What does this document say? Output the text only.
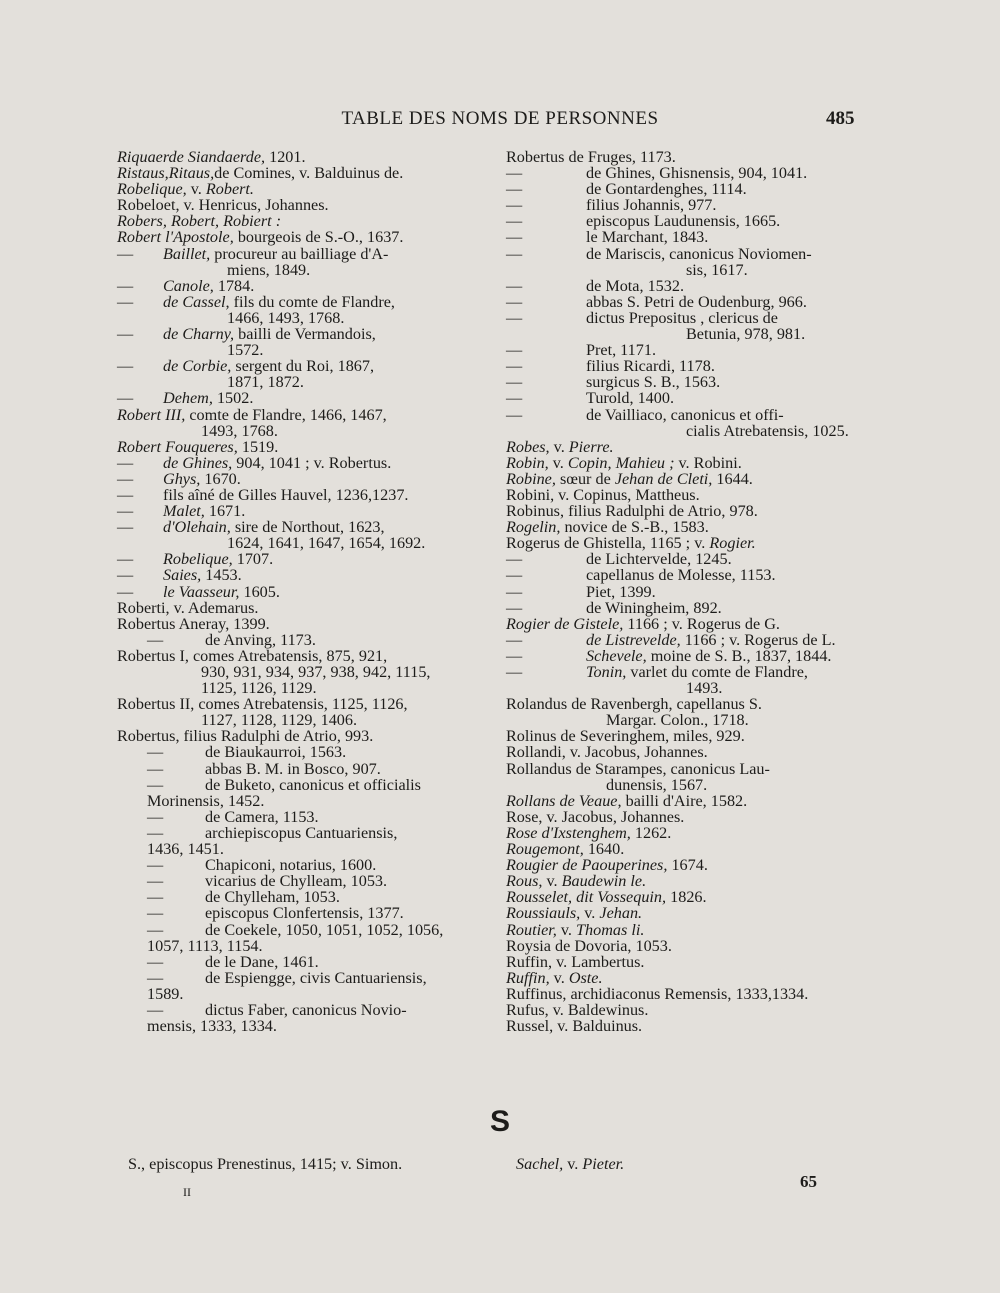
TABLE DES NOMS DE PERSONNES	485
Riquaerde Siandaerde, 1201.
Ristaus,Ritaus,de Comines, v. Balduinus de.
Robelique, v. Robert.
Robeloet, v. Henricus, Johannes.
Robers, Robert, Robiert :
Robert l'Apostole, bourgeois de S.-O., 1637.
— Baillet, procureur au bailliage d'A-
miens, 1849.
— Canole, 1784.
— de Cassel, fils du comte de Flandre,
1466, 1493, 1768.
— de Charny, bailli de Vermandois,
1572.
— de Corbie, sergent du Roi, 1867,
1871, 1872.
— Dehem, 1502.
Robert III, comte de Flandre, 1466, 1467,
1493, 1768.
Robert Fouqueres, 1519.
— de Ghines, 904, 1041 ; v. Robertus.
— Ghys, 1670.
— fils aîné de Gilles Hauvel, 1236,1237.
— Malet, 1671.
— d'Olehain, sire de Northout, 1623,
1624, 1641, 1647, 1654, 1692.
— Robelique, 1707.
— Saies, 1453.
— le Vaasseur, 1605.
Roberti, v. Ademarus.
Robertus Aneray, 1399.
—	de Anving, 1173.
Robertus I, comes Atrebatensis, 875, 921,
930, 931, 934, 937, 938, 942, 1115,
1125, 1126, 1129.
Robertus II, comes Atrebatensis, 1125, 1126,
1127, 1128, 1129, 1406.
Robertus, filius Radulphi de Atrio, 993.
—	de Biaukaurroi, 1563.
—	abbas B. M. in Bosco, 907.
—	de Buketo, canonicus et officialis
Morinensis, 1452.
—	de Camera, 1153.
—	archiepiscopus Cantuariensis,
1436, 1451.
—	Chapiconi, notarius, 1600.
—	vicarius de Chylleam, 1053.
—	de Chylleham, 1053.
—	episcopus Clonfertensis, 1377.
—	de Coekele, 1050, 1051, 1052, 1056,
1057, 1113, 1154.
—	de le Dane, 1461.
—	de Espiengge, civis Cantuariensis,
1589.
—	dictus Faber, canonicus Novio-
mensis, 1333, 1334.
Robertus de Fruges, 1173.
—	de Ghines, Ghisnensis, 904, 1041.
—	de Gontardenghes, 1114.
—	filius Johannis, 977.
—	episcopus Laudunensis, 1665.
—	le Marchant, 1843.
—	de Mariscis, canonicus Noviomen-
sis, 1617.
—	de Mota, 1532.
—	abbas S. Petri de Oudenburg, 966.
—	dictus Prepositus , clericus de
Betunia, 978, 981.
—	Pret, 1171.
—	filius Ricardi, 1178.
—	surgicus S. B., 1563.
—	Turold, 1400.
—	de Vailliaco, canonicus et offi-
cialis Atrebatensis, 1025.
Robes, v. Pierre.
Robin, v. Copin, Mahieu ; v. Robini.
Robine, sœur de Jehan de Cleti, 1644.
Robini, v. Copinus, Mattheus.
Robinus, filius Radulphi de Atrio, 978.
Rogelin, novice de S.-B., 1583.
Rogerus de Ghistella, 1165 ; v. Rogier.
—	de Lichtervelde, 1245.
—	capellanus de Molesse, 1153.
—	Piet, 1399.
—	de Winingheim, 892.
Rogier de Gistele, 1166 ; v. Rogerus de G.
—	de Listrevelde, 1166 ; v. Rogerus de L.
—	Schevele, moine de S. B., 1837, 1844.
—	Tonin, varlet du comte de Flandre,
1493.
Rolandus de Ravenbergh, capellanus S.
Margar. Colon., 1718.
Rolinus de Severinghem, miles, 929.
Rollandi, v. Jacobus, Johannes.
Rollandus de Starampes, canonicus Lau-
dunensis, 1567.
Rollans de Veaue, bailli d'Aire, 1582.
Rose, v. Jacobus, Johannes.
Rose d'Ixstenghem, 1262.
Rougemont, 1640.
Rougier de Paouperines, 1674.
Rous, v. Baudewin le.
Rousselet, dit Vossequin, 1826.
Roussiauls, v. Jehan.
Routier, v. Thomas li.
Roysia de Dovoria, 1053.
Ruffin, v. Lambertus.
Ruffin, v. Oste.
Ruffinus, archidiaconus Remensis, 1333,1334.
Rufus, v. Baldewinus.
Russel, v. Balduinus.
S
S., episcopus Prenestinus, 1415; v. Simon.	Sachel, v. Pieter.
II
65
